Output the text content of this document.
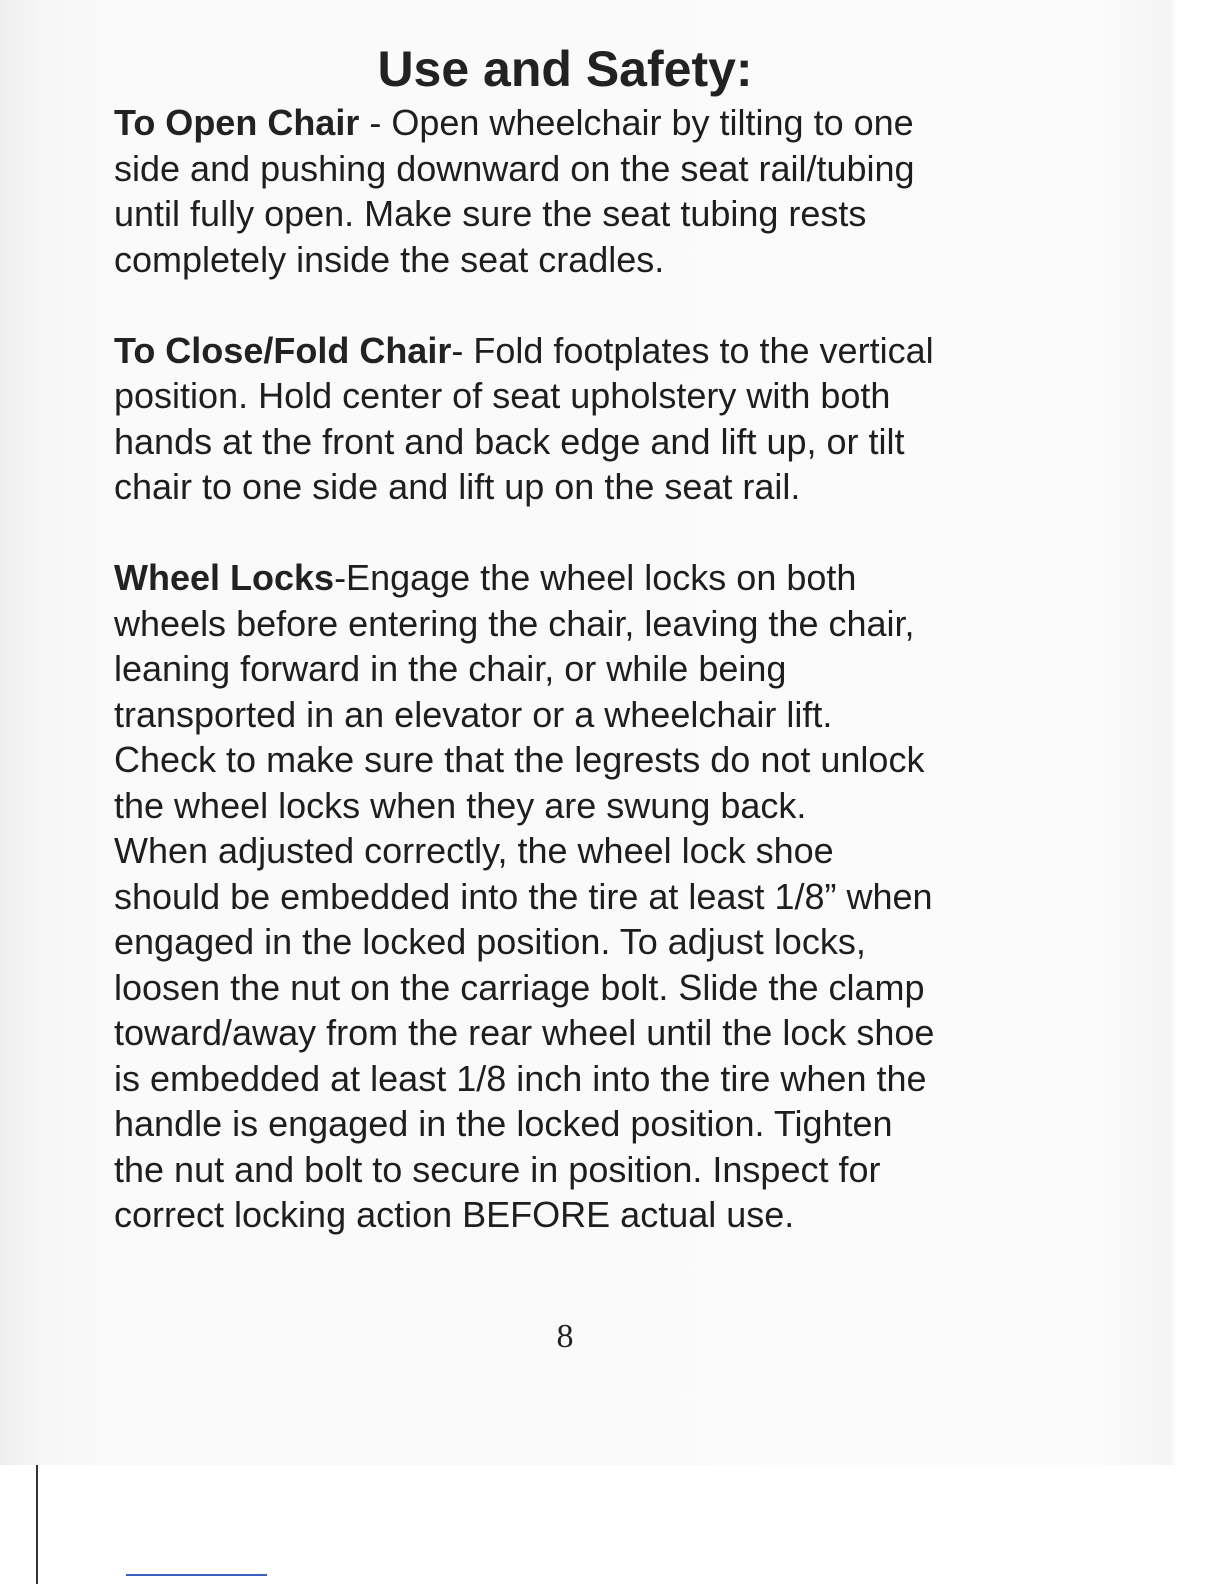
Use and Safety:

To Open Chair - Open wheelchair by tilting to one
side and pushing downward on the seat rail/tubing
until fully open. Make sure the seat tubing rests
completely inside the seat cradles.

To Close/Fold Chair- Fold footplates to the vertical
position. Hold center of seat upholstery with both
hands at the front and back edge and lift up, or tilt
chair to one side and lift up on the seat rail.

Wheel Locks-Engage the wheel locks on both
wheels before entering the chair, leaving the chair,
leaning forward in the chair, or while being
transported in an elevator or a wheelchair lift.
Check to make sure that the legrests do not unlock
the wheel locks when they are swung back.
When adjusted correctly, the wheel lock shoe
should be embedded into the tire at least 1/8” when
engaged in the locked position. To adjust locks,
loosen the nut on the carriage bolt. Slide the clamp
toward/away from the rear wheel until the lock shoe
is embedded at least 1/8 inch into the tire when the
handle is engaged in the locked position. Tighten
the nut and bolt to secure in position. Inspect for
correct locking action BEFORE actual use.

8
